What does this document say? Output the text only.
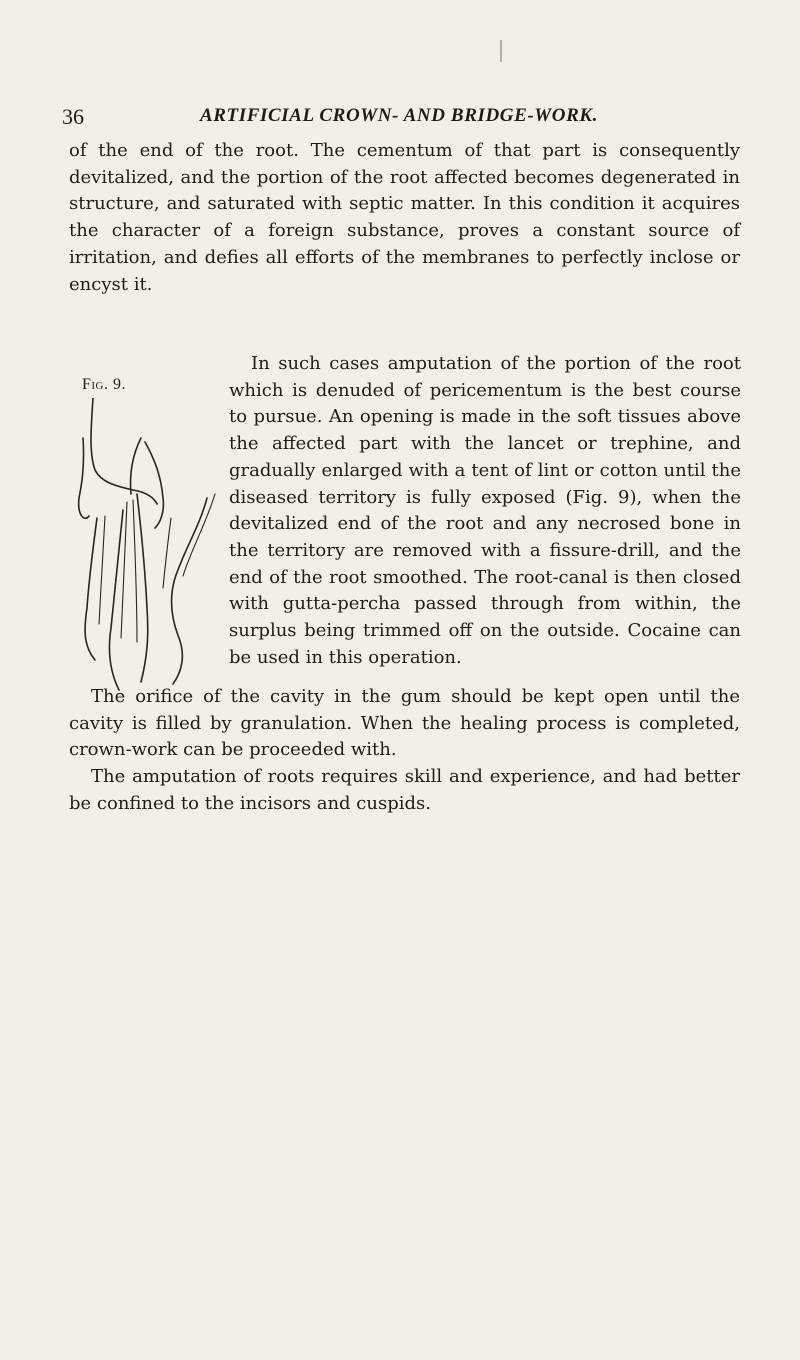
36	ARTIFICIAL CROWN- AND BRIDGE-WORK.

of the end of the root. The cementum of that part is consequently devitalized, and the portion of the root affected becomes degenerated in structure, and saturated with septic matter. In this condition it acquires the character of a foreign substance, proves a constant source of irritation, and defies all efforts of the membranes to perfectly inclose or encyst it.

Fig. 9.

In such cases amputation of the portion of the root which is denuded of pericementum is the best course to pursue. An opening is made in the soft tissues above the affected part with the lancet or trephine, and gradually enlarged with a tent of lint or cotton until the diseased territory is fully exposed (Fig. 9), when the devitalized end of the root and any necrosed bone in the territory are removed with a fissure-drill, and the end of the root smoothed. The root-canal is then closed with gutta-percha passed through from within, the surplus being trimmed off on the outside. Cocaine can be used in this operation.

The orifice of the cavity in the gum should be kept open until the cavity is filled by granulation. When the healing process is completed, crown-work can be proceeded with.

The amputation of roots requires skill and experience, and had better be confined to the incisors and cuspids.
